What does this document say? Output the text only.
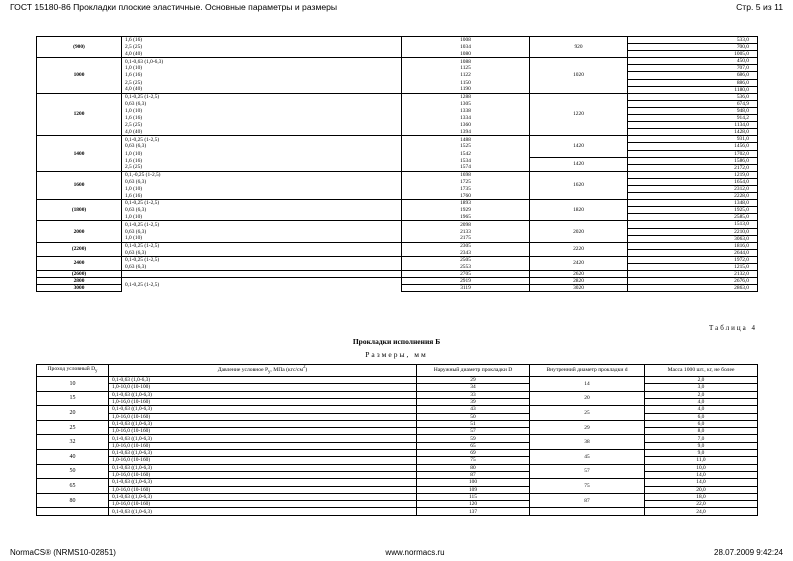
ГОСТ 15180-86 Прокладки плоские эластичные. Основные параметры и размеры	Стр. 5 из 11
(900)	1,6 (16)	1008	920	533,0
	2,5 (25)	1034		700,0
	4,0 (40)	1080		1005,0
1000	0,1-0,63 (1,0-6,3)	1088	1020	450,0
	1,0 (10)	1125		707,0
	1,6 (16)	1122		686,0
	2,5 (25)	1150		886,0
	4,0 (40)	1190		1180,0
1200	0,1-0,25 (1-2,5)	1288	1220	536,0
	0,63 (6,3)	1305		674,9
	1,0 (10)	1338		948,0
	1,6 (16)	1334		914,2
	2,5 (25)	1360		1134,0
	4,0 (40)	1394		1428,0
1400	0,1-0,25 (1-2,5)	1488	1420	931,0
	0,63 (6,3)	1525		1456,0
	1,0 (10)	1542		1702,0
	1,6 (16)	1534	1420	1586,0
	2,5 (25)	1574		2172,0
1600	0,1,-0,25 (1-2,5)	1698	1620	1219,0
	0,63 (6,3)	1725		1654,0
	1,0 (10)	1735		2312,0
	1,6 (16)	1760		2228,0
(1800)	0,1-0,25 (1-2,5)	1893	1820	1348,0
	0,63 (6,3)	1929		1925,0
	1,0 (10)	1965		2585,0
2000	0,1-0,25 (1-2,5)	2098	2020	1513,0
	0,63 (6,3)	2133		2210,0
	1,0 (10)	2175		3063,0
(2200)	0,1-0,25 (1-2,5)	2305	2220	1816,0
	0,63 (6,3)	2343		2644,0
2400	0,1-0,25 (1-2,5)	2505	2420	1972,0
	0,63 (6,3)	2553		1215,0
(2600)		2705	2620	2132,0
2800	0,1-0,25 (1-2,5)	2919	2820	2676,0
3000		3119	3020	2863,0
Таблица 4
Прокладки исполнения Б
Размеры, мм
Проход условный $D_у$	Давление условное $P_у$, МПа $(кгс/см^2)$	Наружный диаметр прокладки D	Внутренний диаметр прокладки d	Масса 1000 шт., кг, не более
10	0,1-0,63 (1,0-6,3)	29	14	2,0
	1,0-10,0 (10-100)	34		3,0
15	0,1-0,63 ((1,0-6,3)	33	20	2,0
	1,0-16,0 (10-160)	39		4,0
20	0,1-0,63 ((1,0-6,3)	43	25	4,0
	1,0-16,0 (10-160)	50		6,0
25	0,1-0,63 ((1,0-6,3)	51	29	6,0
	1,0-16,0 (10-160)	57		8,0
32	0,1-0,63 ((1,0-6,3)	59	38	7,0
	1,0-16,0 (10-160)	65		9,0
40	0,1-0,63 ((1,0-6,3)	69	45	9,0
	1,0-16,0 (10-160)	75		11,0
50	0,1-0,63 ((1,0-6,3)	80	57	10,0
	1,0-16,0 (10-160)	87		14,0
65	0,1-0,63 ((1,0-6,3)	100	75	14,0
	1,0-16,0 (10-160)	109		20,0
80	0,1-0,63 ((1,0-6,3)	115	87	18,0
	1,0-16,0 (10-160)	120		22,0
	0,1-0,63 ((1,0-6,3)	137		24,0
NormaCS® (NRMS10-02851)	www.normacs.ru	28.07.2009 9:42:24
